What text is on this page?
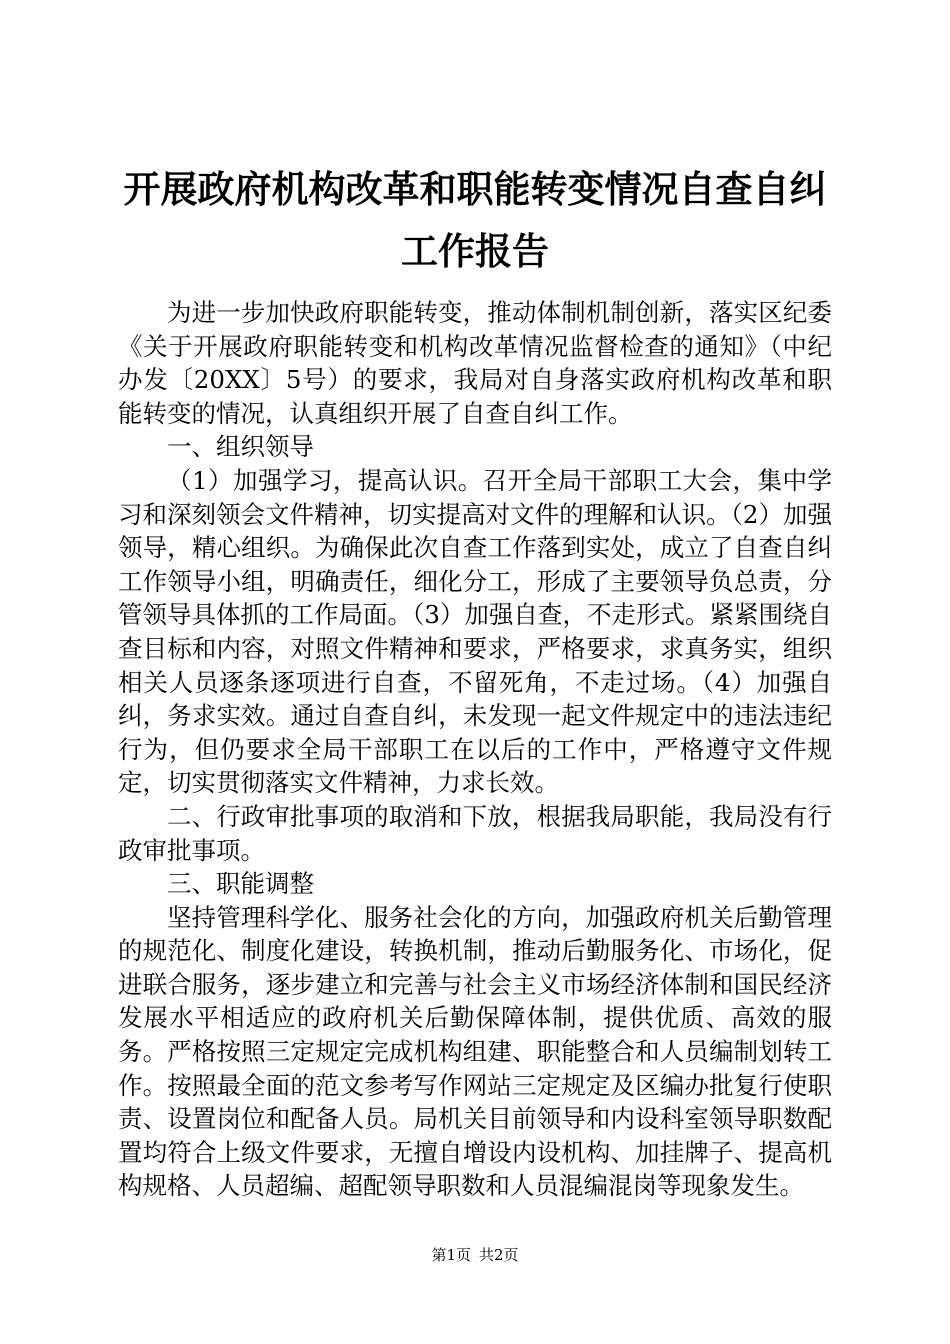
开展政府机构改革和职能转变情况自查自纠工作报告

为进一步加快政府职能转变，推动体制机制创新，落实区纪委《关于开展政府职能转变和机构改革情况监督检查的通知》（中纪办发〔20XX〕5号）的要求，我局对自身落实政府机构改革和职能转变的情况，认真组织开展了自查自纠工作。

一、组织领导

（1）加强学习，提高认识。召开全局干部职工大会，集中学习和深刻领会文件精神，切实提高对文件的理解和认识。（2）加强领导，精心组织。为确保此次自查工作落到实处，成立了自查自纠工作领导小组，明确责任，细化分工，形成了主要领导负总责，分管领导具体抓的工作局面。（3）加强自查，不走形式。紧紧围绕自查目标和内容，对照文件精神和要求，严格要求，求真务实，组织相关人员逐条逐项进行自查，不留死角，不走过场。（4）加强自纠，务求实效。通过自查自纠，未发现一起文件规定中的违法违纪行为，但仍要求全局干部职工在以后的工作中，严格遵守文件规定，切实贯彻落实文件精神，力求长效。

二、行政审批事项的取消和下放，根据我局职能，我局没有行政审批事项。

三、职能调整

坚持管理科学化、服务社会化的方向，加强政府机关后勤管理的规范化、制度化建设，转换机制，推动后勤服务化、市场化，促进联合服务，逐步建立和完善与社会主义市场经济体制和国民经济发展水平相适应的政府机关后勤保障体制，提供优质、高效的服务。严格按照三定规定完成机构组建、职能整合和人员编制划转工作。按照最全面的范文参考写作网站三定规定及区编办批复行使职责、设置岗位和配备人员。局机关目前领导和内设科室领导职数配置均符合上级文件要求，无擅自增设内设机构、加挂牌子、提高机构规格、人员超编、超配领导职数和人员混编混岗等现象发生。

第1页 共2页
